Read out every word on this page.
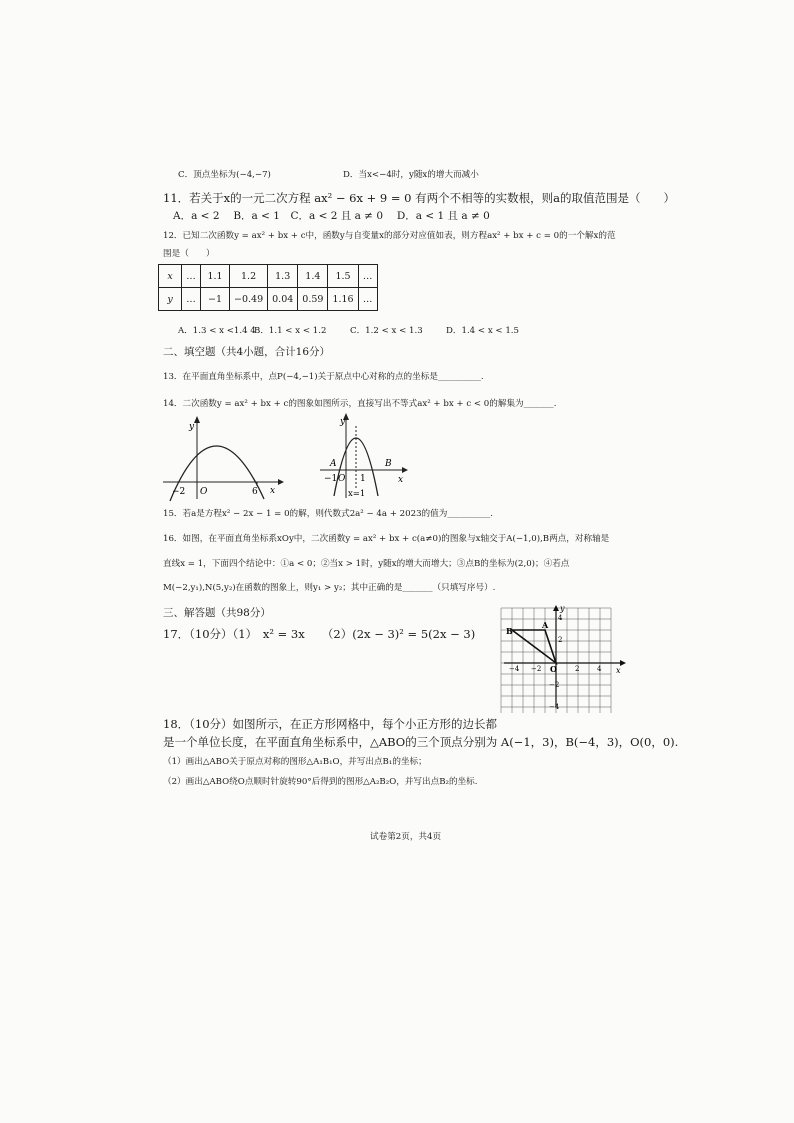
C．顶点坐标为(−4,−7)	D．当x<−4时，y随x的增大而减小
11．若关于x的一元二次方程 ax² − 6x + 9 = 0 有两个不相等的实数根，则a的取值范围是（　　）
A．a < 2　 B．a < 1　C．a < 2 且 a ≠ 0　 D．a < 1 且 a ≠ 0
12．已知二次函数y = ax² + bx + c中，函数y与自变量x的部分对应值如表，则方程ax² + bx + c = 0的一个解x的范
围是（　　）
x	…	1.1	1.2	1.3	1.4	1.5	…
y	…	−1	−0.49	0.04	0.59	1.16	…
A．1.3 < x <1.4 4
B．1.1 < x < 1.2	C．1.2 < x < 1.3	D．1.4 < x < 1.5
二、填空题（共4小题，合计16分）
13．在平面直角坐标系中，点P(−4,−1)关于原点中心对称的点的坐标是__________.
14．二次函数y = ax² + bx + c的图象如图所示，直接写出不等式ax² + bx + c < 0的解集为_______.
y
x
−2 O	6
y
x
A	B
−1 O 1
x=1
15．若a是方程x² − 2x − 1 = 0的解，则代数式2a² − 4a + 2023的值为__________.
16．如图，在平面直角坐标系xOy中，二次函数y = ax² + bx + c(a≠0)的图象与x轴交于A(−1,0),B两点，对称轴是
直线x = 1，下面四个结论中：①a < 0；②当x > 1时，y随x的增大而增大；③点B的坐标为(2,0)；④若点
M(−2,y₁),N(5,y₂)在函数的图象上，则y₁ > y₂；其中正确的是_______（只填写序号）.
三、解答题（共98分）
17．（10分）（1）　x² = 3x　　（2）(2x − 3)² = 5(2x − 3)
y
x
B
A
O
4
2
−4 −2	2	4
−2
−4
18．（10分）如图所示，在正方形网格中，每个小正方形的边长都
是一个单位长度，在平面直角坐标系中，△ABO的三个顶点分别为 A(−1，3)，B(−4，3)，O(0，0).
（1）画出△ABO关于原点对称的图形△A₁B₁O，并写出点B₁的坐标；
（2）画出△ABO绕O点顺时针旋转90°后得到的图形△A₂B₂O，并写出点B₂的坐标.
试卷第2页，共4页
